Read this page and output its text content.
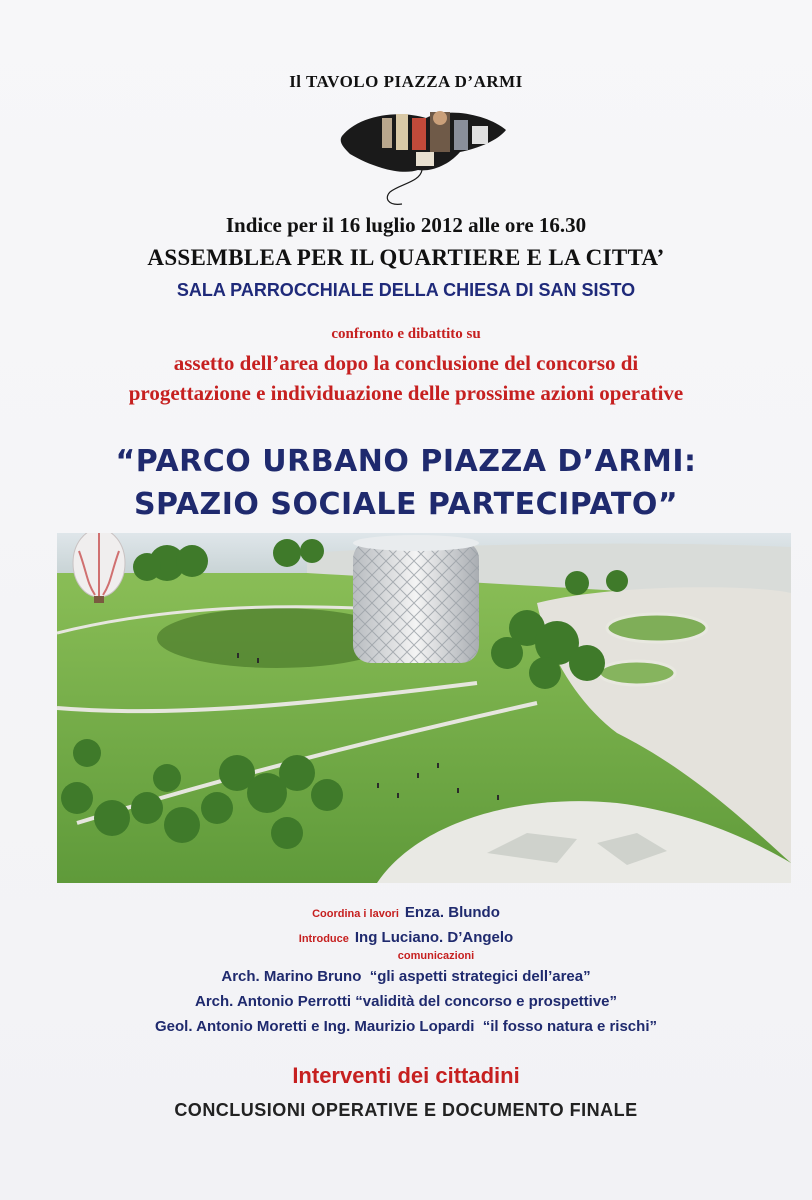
Il TAVOLO PIAZZA D’ARMI
Indice per il 16 luglio 2012 alle ore 16.30
ASSEMBLEA PER IL QUARTIERE E LA CITTA’
SALA PARROCCHIALE DELLA CHIESA DI SAN SISTO
confronto e dibattito su
assetto dell’area dopo la conclusione del concorso di
progettazione e individuazione delle prossime azioni operative
“PARCO URBANO PIAZZA D’ARMI:
SPAZIO SOCIALE PARTECIPATO”
Coordina i lavori Enza. Blundo
Introduce Ing Luciano. D’Angelo
comunicazioni
Arch. Marino Bruno  “gli aspetti strategici dell’area”
Arch. Antonio Perrotti “validità del concorso e prospettive”
Geol. Antonio Moretti e Ing. Maurizio Lopardi  “il fosso natura e rischi”
Interventi dei cittadini
CONCLUSIONI OPERATIVE E DOCUMENTO FINALE
